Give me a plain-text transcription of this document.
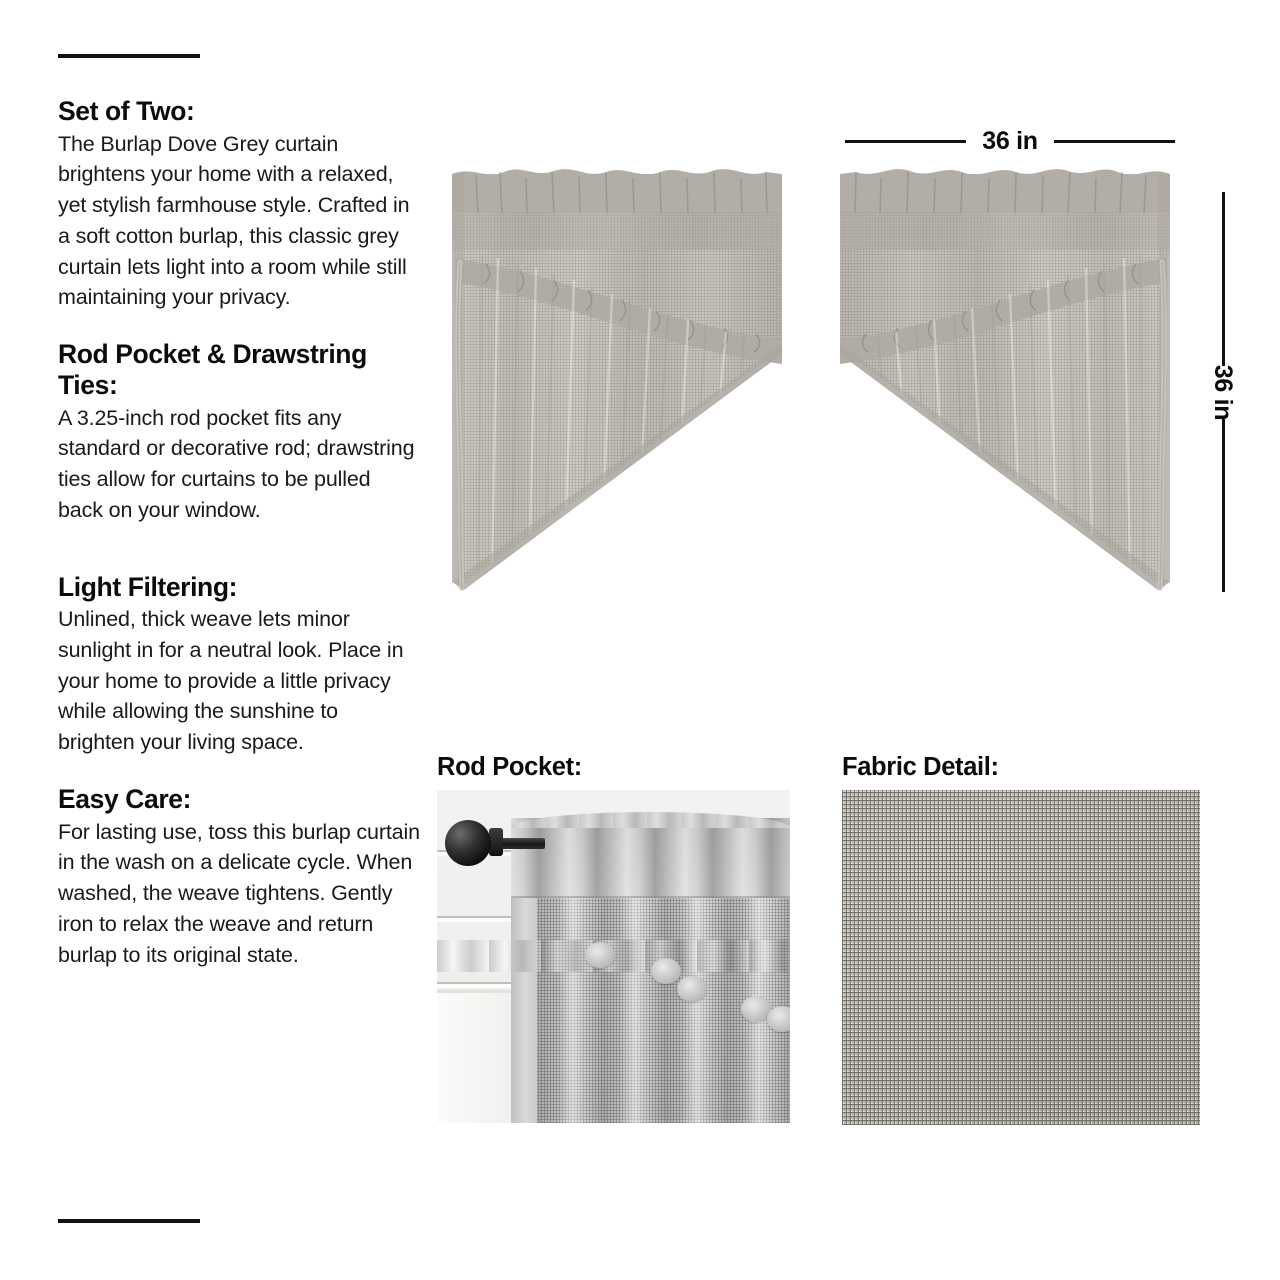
Set of Two:

The Burlap Dove Grey curtain brightens your home with a relaxed, yet stylish farmhouse style. Crafted in a soft cotton burlap, this classic grey curtain lets light into a room while still maintaining your privacy.

Rod Pocket & Drawstring Ties:

A 3.25-inch rod pocket fits any standard or decorative rod; drawstring ties allow for curtains to be pulled back on your window.

Light Filtering:

Unlined, thick weave lets minor sunlight in for a neutral look. Place in your home to provide a little privacy while allowing the sunshine to brighten your living space.

Easy Care:

For lasting use, toss this burlap curtain in the wash on a delicate cycle. When washed, the weave tightens. Gently iron to relax the weave and return burlap to its original state.

36 in
36 in
Rod Pocket:	Fabric Detail:
